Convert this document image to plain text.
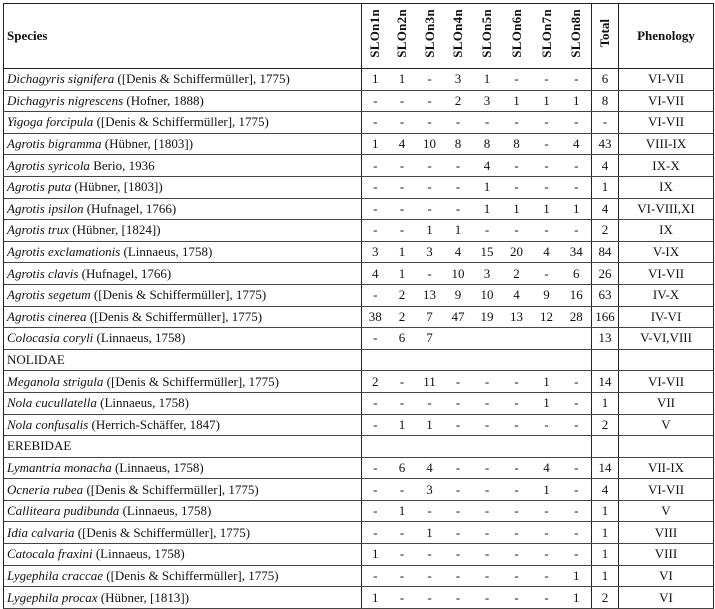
Species	SLOn1n	SLOn2n	SLOn3n	SLOn4n	SLOn5n	SLOn6n	SLOn7n	SLOn8n	Total	Phenology
Dichagyris signifera ([Denis & Schiffermüller], 1775)	1	1	-	3	1	-	-	-	6	VI-VII
Dichagyris nigrescens (Hofner, 1888)	-	-	-	2	3	1	1	1	8	VI-VII
Yigoga forcipula ([Denis & Schiffermüller], 1775)	-	-	-	-	-	-	-	-	-	VI-VII
Agrotis bigramma (Hübner, [1803])	1	4	10	8	8	8	-	4	43	VIII-IX
Agrotis syricola Berio, 1936	-	-	-	-	4	-	-	-	4	IX-X
Agrotis puta (Hübner, [1803])	-	-	-	-	1	-	-	-	1	IX
Agrotis ipsilon (Hufnagel, 1766)	-	-	-	-	1	1	1	1	4	VI-VIII,XI
Agrotis trux (Hübner, [1824])	-	-	1	1	-	-	-	-	2	IX
Agrotis exclamationis (Linnaeus, 1758)	3	1	3	4	15	20	4	34	84	V-IX
Agrotis clavis (Hufnagel, 1766)	4	1	-	10	3	2	-	6	26	VI-VII
Agrotis segetum ([Denis & Schiffermüller], 1775)	-	2	13	9	10	4	9	16	63	IV-X
Agrotis cinerea ([Denis & Schiffermüller], 1775)	38	2	7	47	19	13	12	28	166	IV-VI
Colocasia coryli (Linnaeus, 1758)	-	6	7						13	V-VI,VIII
NOLIDAE										
Meganola strigula ([Denis & Schiffermüller], 1775)	2	-	11	-	-	-	1	-	14	VI-VII
Nola cucullatella (Linnaeus, 1758)	-	-	-	-	-	-	1	-	1	VII
Nola confusalis (Herrich-Schäffer, 1847)	-	1	1	-	-	-	-	-	2	V
EREBIDAE										
Lymantria monacha (Linnaeus, 1758)	-	6	4	-	-	-	4	-	14	VII-IX
Ocneria rubea ([Denis & Schiffermüller], 1775)	-	-	3	-	-	-	1	-	4	VI-VII
Calliteara pudibunda (Linnaeus, 1758)	-	1	-	-	-	-	-	-	1	V
Idia calvaria ([Denis & Schiffermüller], 1775)	-	-	1	-	-	-	-	-	1	VIII
Catocala fraxini (Linnaeus, 1758)	1	-	-	-	-	-	-	-	1	VIII
Lygephila craccae ([Denis & Schiffermüller], 1775)	-	-	-	-	-	-	-	1	1	VI
Lygephila procax (Hübner, [1813])	1	-	-	-	-	-	-	1	2	VI
